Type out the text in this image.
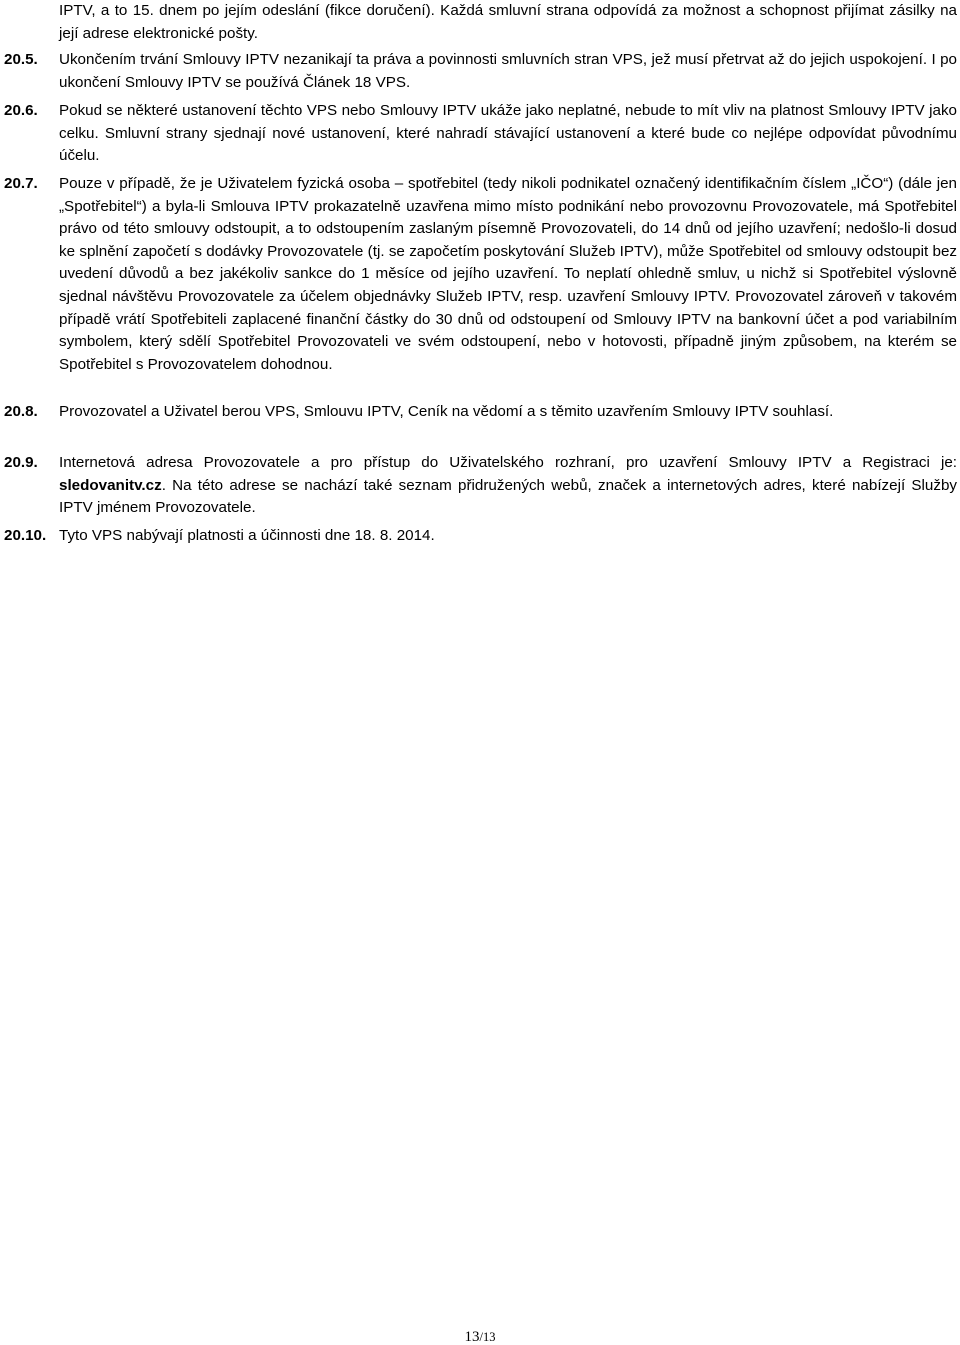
IPTV, a to 15. dnem po jejím odeslání (fikce doručení). Každá smluvní strana odpovídá za možnost a schopnost přijímat zásilky na její adrese elektronické pošty.
20.5. Ukončením trvání Smlouvy IPTV nezanikají ta práva a povinnosti smluvních stran VPS, jež musí přetrvat až do jejich uspokojení. I po ukončení Smlouvy IPTV se používá Článek 18 VPS.
20.6. Pokud se některé ustanovení těchto VPS nebo Smlouvy IPTV ukáže jako neplatné, nebude to mít vliv na platnost Smlouvy IPTV jako celku. Smluvní strany sjednají nové ustanovení, které nahradí stávající ustanovení a které bude co nejlépe odpovídat původnímu účelu.
20.7. Pouze v případě, že je Uživatelem fyzická osoba – spotřebitel (tedy nikoli podnikatel označený identifikačním číslem „IČO“) (dále jen „Spotřebitel“) a byla-li Smlouva IPTV prokazatelně uzavřena mimo místo podnikání nebo provozovnu Provozovatele, má Spotřebitel právo od této smlouvy odstoupit, a to odstoupením zaslaným písemně Provozovateli, do 14 dnů od jejího uzavření; nedošlo-li dosud ke splnění započetí s dodávky Provozovatele (tj. se započetím poskytování Služeb IPTV), může Spotřebitel od smlouvy odstoupit bez uvedení důvodů a bez jakékoliv sankce do 1 měsíce od jejího uzavření. To neplatí ohledně smluv, u nichž si Spotřebitel výslovně sjednal návštěvu Provozovatele za účelem objednávky Služeb IPTV, resp. uzavření Smlouvy IPTV. Provozovatel zároveň v takovém případě vrátí Spotřebiteli zaplacené finanční částky do 30 dnů od odstoupení od Smlouvy IPTV na bankovní účet a pod variabilním symbolem, který sdělí Spotřebitel Provozovateli ve svém odstoupení, nebo v hotovosti, případně jiným způsobem, na kterém se Spotřebitel s Provozovatelem dohodnou.
20.8. Provozovatel a Uživatel berou VPS, Smlouvu IPTV, Ceník na vědomí a s těmito uzavřením Smlouvy IPTV souhlasí.
20.9. Internetová adresa Provozovatele a pro přístup do Uživatelského rozhraní, pro uzavření Smlouvy IPTV a Registraci je: sledovanitv.cz. Na této adrese se nachází také seznam přidružených webů, značek a internetových adres, které nabízejí Služby IPTV jménem Provozovatele.
20.10. Tyto VPS nabývají platnosti a účinnosti dne 18. 8. 2014.
13/13
